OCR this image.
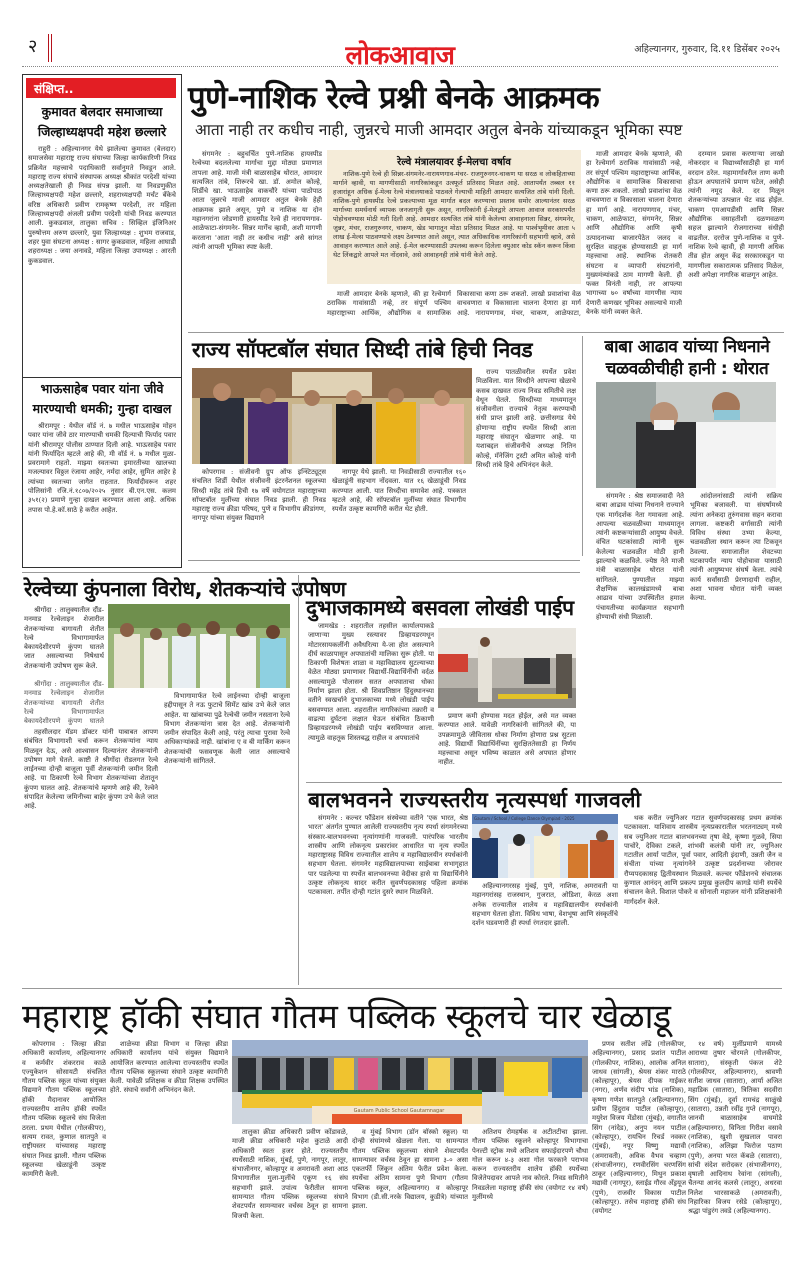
२	लोकआवाज	अहिल्यानगर, गुरुवार, दि.११ डिसेंबर २०२५
संक्षिप्त..
कुमावत बेलदार समाजाच्या
जिल्हाध्यक्षपदी महेश छल्लारे

राहुरी : अहिल्यानगर येथे झालेल्या कुमावत (बेलदार) समाजसेवा महाराष्ट्र राज्य संघाच्या जिल्हा कार्यकारिणी निवड प्रक्रियेत महत्त्वाचे पदाधिकारी सर्वानुमते निवडून आले. महाराष्ट्र राज्य संघाचे संस्थापक अध्यक्ष श्रीकांत परदेशी यांच्या अध्यक्षतेखाली ही निवड संपन्न झाली. या निवडणुकीत जिल्हाध्यक्षपदी महेश छल्लारे, शहराध्यक्षपदी मर्चंट बँकेचे वरिष्ठ अधिकारी प्रवीण रामकृष्ण परदेशी, तर महिला जिल्हाध्यक्षपदी अंजली प्रवीण परदेशी यांची निवड करण्यात आली. कुकडवाल, तालुका सचिव : सिव्हिल इंजिनिअर पुरुषोत्तम अरुण छल्लारे, युवा जिल्हाध्यक्ष : शुभम राजवाड, शहर युवा संघटना अध्यक्ष : सागर कुकडवाल, महिला आघाडी शहराध्यक्ष : जया अनावडे, महिला जिल्हा उपाध्यक्ष : आरती कुकडवाल.

भाऊसाहेब पवार यांना जीवे
मारण्याची धमकी; गुन्हा दाखल

श्रीरामपूर : येथील वॉर्ड नं. ७ मधील भाऊसाहेब मोहन पवार यांना जीवे ठार मारण्याची धमकी दिल्याची फिर्याद पवार यांनी श्रीरामपूर पोलीस ठाण्यात दिली आहे. भाऊसाहेब पवार यांनी फिर्यादित म्हटले आहे की, मी वॉर्ड नं. ७ मधील मुळा-प्रवरामागे राहतो. माझ्या स्वतःच्या इमारतीच्या खालच्या मजल्यावर विठ्ठल रंजाया आहेर, नर्मदा आहेर, सुमित आहेर हे त्यांच्या स्वतःच्या जागेत राहतात. फिर्यादीवरून शहर पोलिसांनी रजि.नं.१८०७/२०२५ नुसार बी.एन.एस. कलम ३५१(२) प्रमाणे गुन्हा दाखल करण्यात आला आहे. अधिक तपास पो.हे.कॉ.साठे हे करीत आहेत.

पुणे-नाशिक रेल्वे प्रश्नी बेनके आक्रमक
आता नाही तर कधीच नाही, जुन्नरचे माजी आमदार अतुल बेनके यांच्याकडून भूमिका स्पष्ट

संगमनेर : बहुचर्चित पुणे-नाशिक हायस्पीड रेल्वेच्या बदललेल्या मार्गाचा मुद्दा मोठ्या प्रमाणात तापला आहे. माजी मंत्री बाळासाहेब थोरात, आमदार सत्यजित तांबे, शिरूरचे खा. डॉ. अमोल कोल्हे, शिर्डीचे खा. भाऊसाहेब वाकचौरे यांच्या पाठोपाठ आता जुन्नरचे माजी आमदार अतुल बेनके हेही आक्रमक झाले असून, पुणे व नाशिक या दोन महानगरांना जोडणारी हायस्पीड रेल्वे ही नारायणगाव-आळेफाटा-संगमनेर- सिन्नर मार्गेच व्हावी, अशी मागणी करताना 'आता नाही तर कधीच नाही' असे सांगत त्यांनी आपली भूमिका स्पष्ट केली.

रेल्वे मंत्रालयावर ई-मेलचा वर्षाव

नाशिक-पुणे रेल्वे ही सिन्नर-संगमनेर-नारायणगाव-मंचर- राजगुरुनगर-चाकण या सरळ व लोकहिताच्या मार्गाने व्हावी, या मागणीसाठी नागरिकांकडून उत्स्फूर्त प्रतिसाद मिळत आहे. आतापर्यंत तब्बल ११ हजारांहून अधिक ई-मेल्स रेल्वे मंत्रालयाकडे पाठवले गेल्याची माहिती आमदार सत्यजित तांबे यांनी दिली. नाशिक-पुणे हायस्पीड रेल्वे प्रकल्पाच्या मूळ मार्गात बदल करण्याचा प्रस्ताव समोर आल्यानंतर सरळ मार्गाच्या समर्थनार्थ व्यापक जनजागृती सुरू असून, नागरिकांनी ई-मेलद्वारे आपला आवाज सरकारपर्यंत पोहोचवण्यास मोठी गती दिली आहे. आमदार सत्यजित तांबे यांनी केलेल्या आवाहनाला सिन्नर, संगमनेर, जुन्नर, मंचर, राजगुरुनगर, चाकण, खेड भागातून मोठा प्रतिसाद मिळत आहे. या पार्श्वभूमीवर आता ५ लाख ई-मेल्स पाठवण्याचे लक्ष्य ठेवण्यात आले असून, त्यात अधिकाधिक नागरिकांनी सहभागी व्हावे, असे आवाहन करण्यात आले आहे. ई-मेल करण्यासाठी उपलब्ध करून दिलेला क्युआर कोड स्कॅन करून किंवा थेट लिंकद्वारे आपले मत नोंदवावे, असे आवाहनही तांबे यांनी केले आहे.

माजी आमदार बेनके म्हणाले, की हा रेल्वेमार्ग ठराविक गावांसाठी नव्हे, तर संपूर्ण पश्चिम महाराष्ट्राच्या आर्थिक, औद्योगिक व सामाजिक विकासाचा कणा ठरू शकतो. लाखो प्रवाशांचा वेळ वाचवणारा व विकासाला चालना देणारा हा मार्ग आहे. नारायणगाव, मंचर, चाकण, आळेफाटा,

माजी आमदार बेनके म्हणाले, की हा रेल्वेमार्ग ठराविक गावांसाठी नव्हे, तर संपूर्ण पश्चिम महाराष्ट्राच्या आर्थिक, औद्योगिक व सामाजिक विकासाचा कणा ठरू शकतो. लाखो प्रवाशांचा वेळ वाचवणारा व विकासाला चालना देणारा हा मार्ग आहे. नारायणगाव, मंचर, चाकण, आळेफाटा, संगमनेर, सिन्नर आणि औद्योगिक आणि कृषी उत्पादनाच्या बाजारपेठेत जलद व सुरक्षित वाहतूक होण्यासाठी हा मार्ग महत्त्वाचा आहे. स्थानिक शेतकरी संघटना व व्यापारी संघटनांनी, मुख्यमंत्र्यांकडे ठाम मागणी केली. ही फक्त विनंती नाही, तर आपल्या भागाच्या ७० वर्षांच्या मागणीस न्याय देणारी कणखर भूमिका असल्याचे माजी बेनके यांनी व्यक्त केले.

दरम्यान प्रवास करणाऱ्या लाखो नोकरदार व विद्यार्थ्यांसाठीही हा मार्ग वरदान ठरेल. महामार्गावरील ताण कमी होऊन अपघातांचे प्रमाण घटेल, असेही त्यांनी नमूद केले. दर मिळून शेतकऱ्यांच्या उत्पन्नात थेट वाढ होईल. चाकण एमआयडीसी आणि सिन्नर औद्योगिक वसाहतीशी दळणवळण सहज झाल्याने रोजगाराच्या संधीही वाढतील. दररोज पुणे-नाशिक व पुणे-नाशिक रेल्वे व्हावी, ही मागणी अधिक तीव्र होत असून केंद्र सरकारकडून या मागणीला सकारात्मक प्रतिसाद मिळेल, अशी अपेक्षा नागरिक बाळगून आहेत.

राज्य सॉफ्टबॉल संघात सिध्दी तांबे हिची निवड

कोपरगाव : संजीवनी ग्रुप ऑफ इन्स्टिट्यूट्स संचलित शिर्डी येथील संजीवनी इंटरनॅशनल स्कूलच्या सिध्दी महेंद्र तांबे हिची १७ वर्षे वयोगटात महाराष्ट्राच्या सॉफ्टबॉल मुलींच्या संघात निवड झाली. ही निवड महाराष्ट्र राज्य क्रीडा परिषद, पुणे व विभागीय क्रीडांगण, नागपूर यांच्या संयुक्त विद्यमाने

नागपूर येथे झाली. या निवडीसाठी राज्यातील १६० खेळाडूंनी सहभाग नोंदवला. यात १६ खेळाडूंची निवड करण्यात आली. यात सिध्दीचा समावेश आहे. पत्रकात म्हटले आहे, की सॉफ्टबॉल मुलींच्या संघात विभागीय स्पर्धेत उत्कृष्ट कामगिरी करीत थेट होती.

राज्य पातळीवरील स्पर्धेत प्रवेश मिळविला. यात सिध्दीने आपल्या खेळाचे कसब दाखवत राज्य निवड समितीचे लक्ष वेधून घेतले. सिध्दीच्या माध्यमातून संजीवनीला राज्याचे नेतृत्व करण्याची संधी प्राप्त झाली आहे. छत्तीसगड येथे होणाऱ्या राष्ट्रीय स्पर्धेत सिध्दी आता महाराष्ट्र संघातून खेळणार आहे. या यशाबद्दल संजीवनीचे अध्यक्ष नितिन कोल्हे, मॅनेजिंग ट्रस्टी अमित कोल्हे यांनी सिध्दी तांबे हिचे अभिनंदन केले.

बाबा आढाव यांच्या निधनाने
चळवळीचीही हानी : थोरात

संगमनेर : श्रेष्ठ समाजवादी नेते बाबा आढाव यांच्या निधनाने राज्याने एक मार्गदर्शक नेता गमावला आहे. आपल्या चळवळीच्या माध्यमातून त्यांनी कष्टकऱ्यांसाठी आयुष्य वेचले. वंचित घटकांसाठी त्यांनी सुरू केलेल्या चळवळीत मोठी हानी झाल्याचे कळविले. ज्येष्ठ नेते माजी मंत्री बाळासाहेब थोरात यांनी सांगितले. पुण्यातील माझ्या शैक्षणिक कालखंडामध्ये बाबा आढाव यांच्या उपस्थितीत हमाल पंचायतीच्या कार्यक्रमात सहभागी होण्याची संधी मिळाली.

आंदोलनांसाठी त्यांनी सक्रिय भूमिका बजावली. या संघर्षामध्ये त्यांना अनेकदा तुरुंगवास सहन करावा लागला. कष्टकरी वर्गासाठी त्यांनी विविध संस्था उभ्या केल्या, चळवळीला स्थान करून त्या टिकवून ठेवल्या. समाजातील शेवटच्या घटकापर्यंत न्याय पोहोचावा यासाठी त्यांनी आयुष्यभर संघर्ष केला. त्यांचे कार्य सर्वांसाठी प्रेरणादायी राहील, अशा भावना थोरात यांनी व्यक्त केल्या.

रेल्वेच्या कुंपनाला विरोध, शेतकऱ्यांचे उपोषण

श्रीगोंदा : तालुक्यातील दौंड-मनमाड रेल्वेलाइन शेजारील शेतकऱ्यांच्या बागायती शेतीत रेल्वे विभागामार्फत बेकायदेशीरपणे कुंपण घातले जात असल्याच्या निषेधार्थ शेतकऱ्यांनी उपोषण सुरू केले.

श्रीगोंदा : तालुक्यातील दौंड-मनमाड रेल्वेलाइन शेजारील शेतकऱ्यांच्या बागायती शेतीत रेल्वे विभागामार्फत बेकायदेशीरपणे कुंपण घातले

तहसीलदार मॅडम डॉक्टर यांनी याबाबत आपण संबंधित विभागाशी चर्चा करून शेतकऱ्यांना न्याय मिळवून देऊ, असे आश्वासन दिल्यानंतर शेतकऱ्यांनी उपोषण मागे घेतले. काष्टी ते श्रीगोंदा रोडलगत रेल्वे लाईनच्या दोन्ही बाजूला पूर्वी शेतकऱ्यांनी जमीन दिली आहे. या ठिकाणी रेल्वे विभाग शेतकऱ्यांच्या शेतातून कुंपण घालत आहे. शेतकऱ्यांचे म्हणणे आहे की, रेल्वेने संपादित केलेल्या जमिनीच्या बाहेर कुंपण उभे केले जात आहे.

विभागामार्फत रेल्वे लाईनच्या दोन्ही बाजूला हद्दीपासून ते नऊ फुटाचे सिमेंट खांब उभे केले जात आहेत. या खांबाच्या पुढे रेल्वेची जमीन नसताना रेल्वे विभाग शेतकऱ्यांना त्रास देत आहे. शेतकऱ्यांनी जमीन संपादित केली आहे, परंतु त्याचा पुरावा रेल्वे अधिकाऱ्यांकडे नाही. खांबांना ए व बी मार्किंग करून शेतकऱ्यांची फसवणूक केली जात असल्याचे शेतकऱ्यांनी सांगितले.

दुभाजकामध्ये बसवला लोखंडी पाईप

जामखेड : शहरातील तहसील कार्यालयाकडे जाणाऱ्या मुख्य रस्त्यावर डिव्हायडरमधून मोटारसायकलींनी अवैधरित्या ये-जा होत असल्याने दीर्घ काळापासून अपघातांची मालिका सुरू होती. या ठिकाणी विशेषतः शाळा व महाविद्यालय सुटल्याच्या वेळेत मोठ्या प्रमाणावर विद्यार्थी-विद्यार्थिनींची वर्दळ असल्यामुळे पोलासन सतत अपघाताचा धोका निर्माण झाला होता. श्री शिवप्रतिष्ठान हिंदुस्थानच्या वतीने स्वखर्चाने दुभाजकाच्या मध्ये लोखंडी पाईप बसवण्यात आला. शहरातील नागरिकांच्या तक्रारी व वाढत्या दुर्घटना लक्षात घेऊन संबंधित ठिकाणी डिव्हायडरमध्ये लोखंडी पाईप बसविण्यात आला. त्यामुळे वाहतूक शिस्तबद्ध राहील व अपघातांचे

प्रमाण कमी होण्यास मदत होईल, असे मत व्यक्त करण्यात आले. यावेळी नागरिकांनी सांगितले की, या उपक्रमामुळे जीवितास धोका निर्माण होणारा प्रश्न सुटला आहे. विद्यार्थी विद्यार्थिनींच्या सुरक्षिततेसाठी हा निर्णय महत्त्वाचा असून भविष्य काळात असे अपघात होणार नाहीत.

बालभवनने राज्यस्तरीय नृत्यस्पर्धा गाजवली

संगमनेर : कल्चर फौंडेशन संस्थेच्या वतीने 'एक भारत, श्रेष्ठ भारत' अंतर्गत पुण्यात आलेली राज्यस्तरीय नृत्य स्पर्धा संगमनेरच्या संस्कार-बालभवनच्या नृत्यांगणांनी गाजवली. पारंपरिक भारतीय शास्त्रीय आणि लोकनृत्य प्रकारांवर आधारित या नृत्य स्पर्धेत महाराष्ट्रासह विविध राज्यातील शालेय व महाविद्यालयीन स्पर्धकांनी सहभाग घेतला. संगमनेर महाविद्यालयाच्या साईबाबा सभागृहात पार पडलेल्या या स्पर्धेत बालभवनच्या वेदीका हासे या विद्यार्थिनीने उत्कृष्ट लोकनृत्य सादर करीत सुवर्णपदकासह पहिला क्रमांक पटकावला. तर्पीत दोन्ही गटांत दुसरे स्थान मिळविले.

Gautam / School / College Dance Olympiad - 2025

अहिल्यानगरसह मुंबई, पुणे, नाशिक, अमरावती या महानगरांसह राजस्थान, गुजरात, ओडिशा, केरळ अशा अनेक राज्यातील शालेय व महाविद्यालयीन स्पर्धकांनी सहभाग घेतला होता. विविध भाषा, वेशभूषा आणि संस्कृतींचे दर्शन घडवणारी ही स्पर्धा रंगतदार झाली.

थक करीत ज्युनिअर गटात सुवर्णपदकासह प्रथम क्रमांक पटकावला. याशिवाय शास्त्रीय नृत्यप्रकारातील भरतनाट्यम् मध्ये सब ज्युनिअर गटात बालभवनच्या तृषा वेडे, कृष्णा गुळवे, सिया पाचोरे, देविका टकले, शांभवी कलंत्री यांनी तर, ज्युनिअर गटातील आर्या पाटील, पूर्वा पवार, आदिती इंदाणी, उन्नती जैन व संचीता यांच्या नृत्यांगनेने उत्कृष्ट प्रदर्शनाच्या जोरावर रौप्यपदकासह द्वितीयस्थान मिळवले. कल्चर फौंडेशनचे संचालक कुणाल आनंदन् आणि प्रकल्प प्रमुख कुलदीप कागडे यांनी स्पर्धेचे संचालन केले. विशाल पोकरे व सोनाली महाजन यांनी प्रशिक्षकांनी मार्गदर्शन केले.

महाराष्ट्र हॉकी संघात गौतम पब्लिक स्कूलचे चार खेळाडू

कोपरगाव : जिल्हा क्रीडा अधिकारी कार्यालय, अहिल्यानगर व कर्मवीर शंकरराव काळे एज्युकेशन सोसायटी संचलित गौतम पब्लिक स्कूल यांच्या संयुक्त विद्यमाने गौतम पब्लिक स्कूलच्या हॉकी मैदानावर आयोजित राज्यस्तरीय शालेय हॉकी स्पर्धेत गौतम पब्लिक स्कूलचे संघ विजेता ठरला. प्रथम येथील (गोलकीपर), सत्यम रावत, कुणाल सातपुते व राष्ट्रीयस्तर यांच्यासह महाराष्ट्र संघात निवड झाली. गौतम पब्लिक स्कूलच्या खेळाडूंनी उत्कृष्ट कामगिरी केली.

शाळेच्या क्रीडा विभाग व जिल्हा क्रीडा अधिकारी कार्यालय यांचे संयुक्त विद्यमाने आयोजित करण्यात आलेल्या राज्यस्तरीय स्पर्धेत गौतम पब्लिक स्कूलच्या संघाने उत्कृष्ट कामगिरी केली. यावेळी प्रशिक्षक व क्रीडा शिक्षक उपस्थित होते. संघाचे सर्वांनी अभिनंदन केले.

Gautam Public School Gautamnagar

तालुका क्रीडा अधिकारी प्रवीण कोंडावळे, माजी क्रीडा अधिकारी महेश कुटाळे आदी अधिकारी स्वतः हजर होते. राज्यस्तरीय स्पर्धेसाठी नाशिक, मुंबई, पुणे, नागपूर, लातूर, संभाजीनगर, कोल्हापूर व अमरावती अशा आठ विभागातील मुला-मुलींचे एकूण १६ संघ सहभागी झाले. उपांत्य फेरीतील सामना सामन्यात गौतम पब्लिक स्कूलच्या संघाने शेवटपर्यंत सामन्यावर वर्चस्व ठेवून हा सामना विजयी केला.

व मुंबई विभाग (डॉन बॉस्को स्कूल) या दोन्ही संघांमध्ये खेळला गेला. या सामन्यात गौतम पब्लिक स्कूलच्या संघाने शेवटपर्यंत सामन्यावर वर्चस्व ठेवून हा सामना ३-० असा एकतर्फी जिंकून अंतिम फेरीत प्रवेश केला. स्पर्धेचा अंतिम सामना पुणे विभाग (गौतम पब्लिक स्कूल, अहिल्यानगर) व कोल्हापूर विभाग (डी.सी.नरके विद्यालय, कुडीत्रे) यांच्यात झाला.

अतिशय रोमहर्षक व अटीतटीचा झाला. गौतम पब्लिक स्कूलने कोल्हापूर विभागाचा पेनल्टी स्ट्रोक मध्ये अतिशय सफाईदारपणे चौथा गोल करून ४-३ अशा गोल फरकाने पराभव करून राज्यस्तरीय शालेय हॉकी स्पर्धेच्या विजेतेपदावर आपले नाव कोरले. निवड समितीने निवडलेला महाराष्ट्र हॉकी संघ (वयोगट १४ वर्ष) मुलींमध्ये

प्रणव सतीश लोंढे (गोलकीपर, अहिल्यानगर), प्रसाद प्रशांत पाटील (गोलकीपर, नाशिक), आलोक अनिल जाधव (सांगली), श्रेयस शंकर माराठे (कोल्हापूर), श्रेयस दीपक गाईकर (नगर), अर्णव संदीप भांड (नाशिक), कृष्णा गणेश सातपुते (अहिल्यानगर), प्रवीण हिंदुराव पाटील (कोल्हापूर), मयुरेश विजय मेंडोसा (मुंबई), वगातीत सिंग (नांदेड), अनुप नयन पाटील (कोल्हापूर), रायचिन रिचर्ड नवकर (मुंबई), नपूर विष्णु मद्यावी (अमरावती), अविक वैभव चव्हाण (संभाजीनगर), रणवीरसिंग चरणसिंग ठाकूर (अहिल्यानगर), मिथुन प्रकाश मद्यावी (नागपूर), स्लाईड गौरव अँड्रयूज (पुणे), राजवीर विकास पाटील (कोल्हापूर). तसेच महाराष्ट्र हॉकी संघ (वयोगट

१४ वर्ष) मुलींप्रमाणे यामध्ये आराध्या तुषार चोरमले (गोलकीपर, सातारा), संस्कृती पंकज शेटे (गोलकीपर, अहिल्यानगर), श्रावणी सतीश जाधव (सातारा), आर्या अजित महाडिक (सातारा), त्रितिका सदवीरा सिंग (मुंबई), दूर्वा रामचंद्र साळुंखे (सातारा), उन्नती रवींद्र गुप्ते (नागपूर), जानवी बाळासाहेब वाघमोडे (अहिल्यानगर), विनिता गिरीश वसावे (नाशिक), खुशी सुखलाल पावरा (नाशिक), अलिझा फिरोज पठाण (पुणे), अनया भरत कॅबळे (सातारा), सांची संदेश सरोदकर (संभाजीनगर), वृषाली आदिनाथ रेवांना (सांगली), चैतन्या आनंद कलसे (लातूर), अधरवा निलेश भारसाकळे (अमरावती), निहारिका विजय रसेडे (कोल्हापूर), श्रद्धा पांडुरंग तवडे (अहिल्यानगर).
